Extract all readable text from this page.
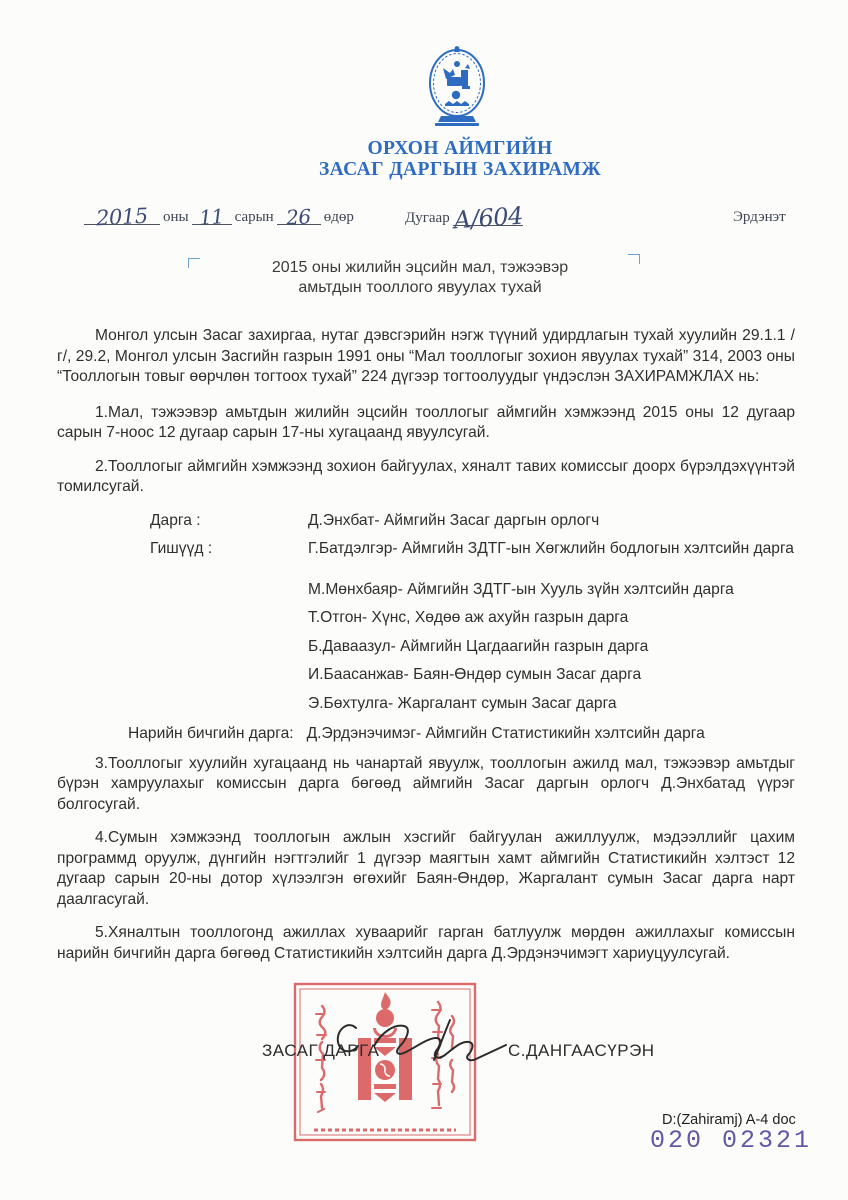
ОРХОН АЙМГИЙН
ЗАСАГ ДАРГЫН ЗАХИРАМЖ
2015 оны 11 сарын 26 өдөр	Дугаар А/604	Эрдэнэт
2015 оны жилийн эцсийн мал, тэжээвэр
амьтдын тооллого явуулах тухай

Монгол улсын Засаг захиргаа, нутаг дэвсгэрийн нэгж түүний удирдлагын тухай хуулийн 29.1.1 /г/, 29.2, Монгол улсын Засгийн газрын 1991 оны “Мал тооллогыг зохион явуулах тухай” 314, 2003 оны “Тооллогын товыг өөрчлөн тогтоох тухай” 224 дүгээр тогтоолуудыг үндэслэн ЗАХИРАМЖЛАХ нь:

1.Мал, тэжээвэр амьтдын жилийн эцсийн тооллогыг аймгийн хэмжээнд 2015 оны 12 дугаар сарын 7-ноос 12 дугаар сарын 17-ны хугацаанд явуулсугай.

2.Тооллогыг аймгийн хэмжээнд зохион байгуулах, хяналт тавих комиссыг доорх бүрэлдэхүүнтэй томилсугай.

Дарга :	Д.Энхбат- Аймгийн Засаг даргын орлогч
Гишүүд :	Г.Батдэлгэр- Аймгийн ЗДТГ-ын Хөгжлийн бодлогын хэлтсийн дарга
М.Мөнхбаяр- Аймгийн ЗДТГ-ын Хууль зүйн хэлтсийн дарга
Т.Отгон- Хүнс, Хөдөө аж ахуйн газрын дарга
Б.Даваазул- Аймгийн Цагдаагийн газрын дарга
И.Баасанжав- Баян-Өндөр сумын Засаг дарга
Э.Бөхтулга- Жаргалант сумын Засаг дарга
Нарийн бичгийн дарга: Д.Эрдэнэчимэг- Аймгийн Статистикийн хэлтсийн дарга

3.Тооллогыг хуулийн хугацаанд нь чанартай явуулж, тооллогын ажилд мал, тэжээвэр амьтдыг бүрэн хамруулахыг комиссын дарга бөгөөд аймгийн Засаг даргын орлогч Д.Энхбатад үүрэг болгосугай.

4.Сумын хэмжээнд тооллогын ажлын хэсгийг байгуулан ажиллуулж, мэдээллийг цахим программд оруулж, дүнгийн нэгтгэлийг 1 дүгээр маягтын хамт аймгийн Статистикийн хэлтэст 12 дугаар сарын 20-ны дотор хүлээлгэн өгөхийг Баян-Өндөр, Жаргалант сумын Засаг дарга нарт даалгасугай.

5.Хяналтын тооллогонд ажиллах хуваарийг гарган батлуулж мөрдөн ажиллахыг комиссын нарийн бичгийн дарга бөгөөд Статистикийн хэлтсийн дарга Д.Эрдэнэчимэгт хариуцуулсугай.

ЗАСАГ ДАРГА	С.ДАНГААСҮРЭН
D:(Zahiramj) A-4 doc
020 02321
